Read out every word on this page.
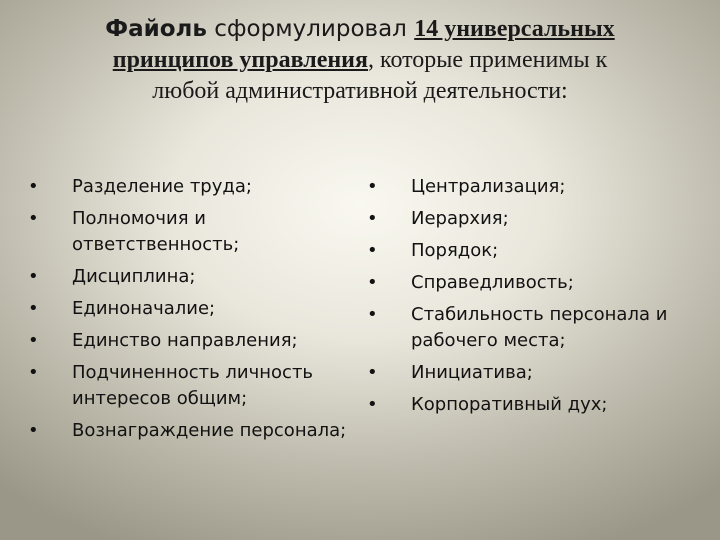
Файоль сформулировал 14 универсальных
принципов управления, которые применимы к
любой административной деятельности:
• Разделение труда;
• Полномочия и ответственность;
• Дисциплина;
• Единоначалие;
• Единство направления;
• Подчиненность личность интересов общим;
• Вознаграждение персонала;
• Централизация;
• Иерархия;
• Порядок;
• Справедливость;
• Стабильность персонала и рабочего места;
• Инициатива;
• Корпоративный дух;
